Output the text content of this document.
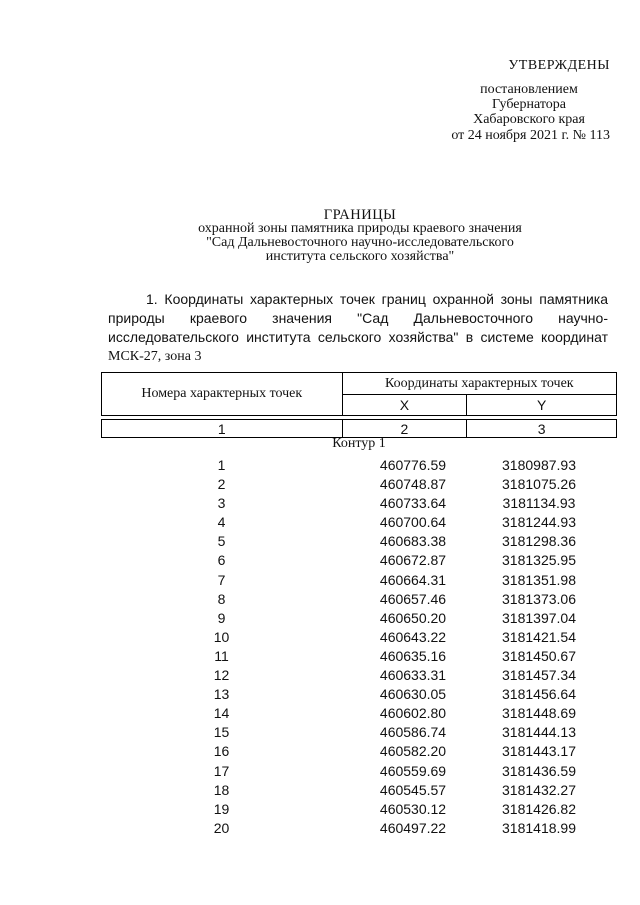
УТВЕРЖДЕНЫ
постановлением
Губернатора
Хабаровского края
от 24 ноября 2021 г. № 113
ГРАНИЦЫ
охранной зоны памятника природы краевого значения
"Сад Дальневосточного научно-исследовательского
института сельского хозяйства"
1. Координаты характерных точек границ охранной зоны памятника
природы краевого значения "Сад Дальневосточного научно-
исследовательского института сельского хозяйства" в системе координат
МСК-27, зона 3
Номера характерных точек	Координаты характерных точек	
	X	Y

1	2	3
Контур 1
1	460776.59	3180987.93
2	460748.87	3181075.26
3	460733.64	3181134.93
4	460700.64	3181244.93
5	460683.38	3181298.36
6	460672.87	3181325.95
7	460664.31	3181351.98
8	460657.46	3181373.06
9	460650.20	3181397.04
10	460643.22	3181421.54
11	460635.16	3181450.67
12	460633.31	3181457.34
13	460630.05	3181456.64
14	460602.80	3181448.69
15	460586.74	3181444.13
16	460582.20	3181443.17
17	460559.69	3181436.59
18	460545.57	3181432.27
19	460530.12	3181426.82
20	460497.22	3181418.99
